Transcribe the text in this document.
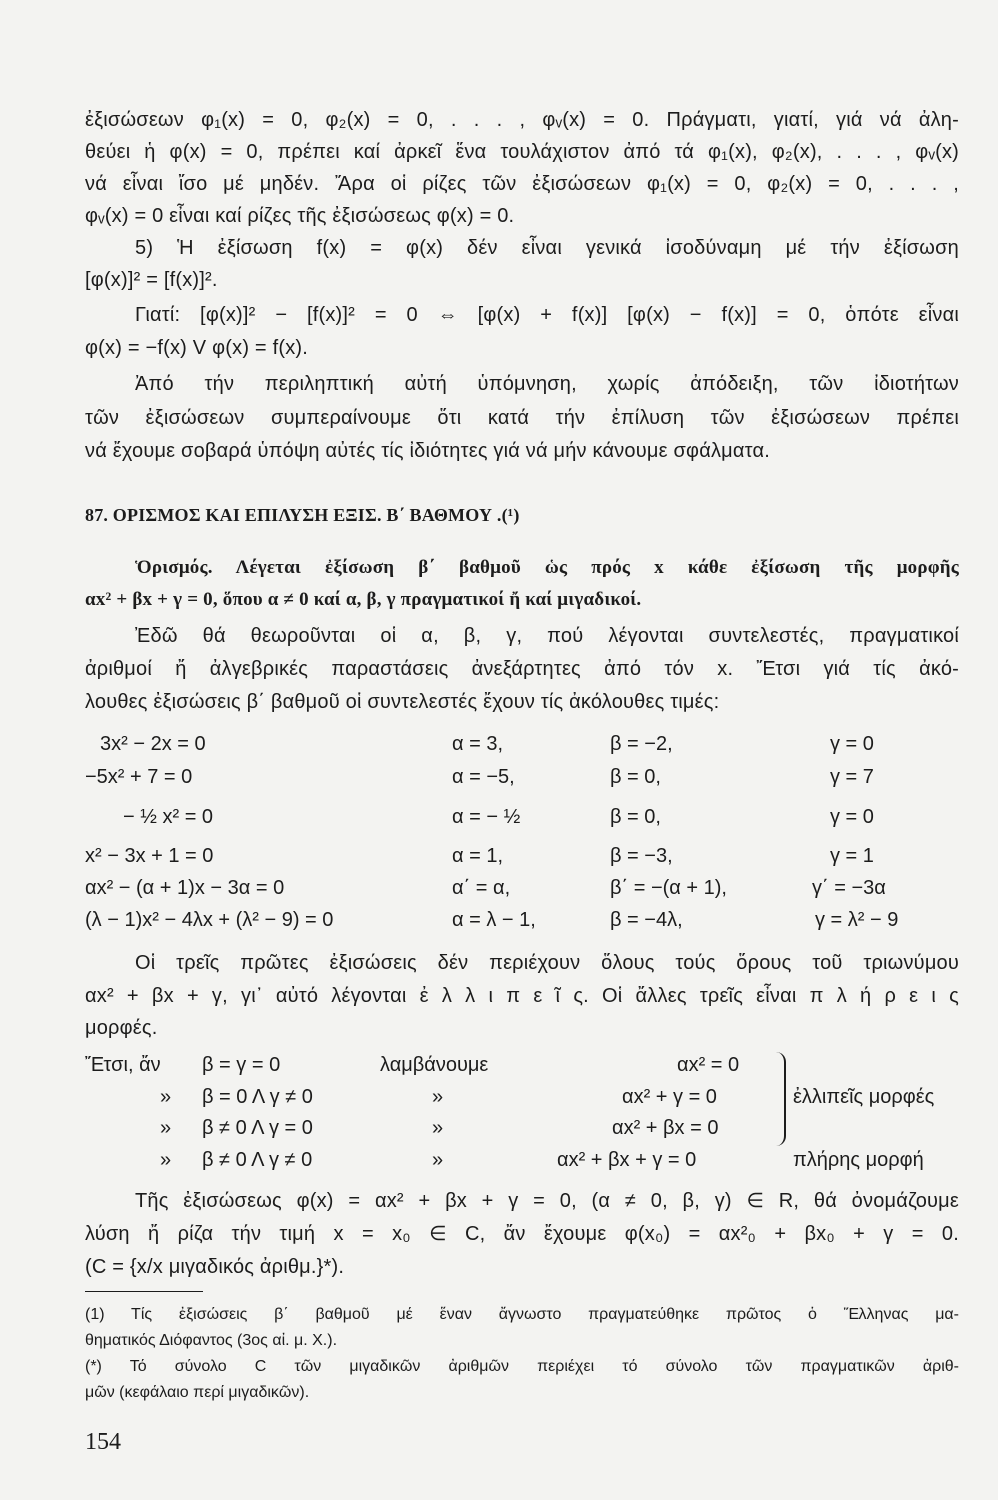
ἐξισώσεων φ₁(x) = 0, φ₂(x) = 0, . . . , φᵥ(x) = 0. Πράγματι, γιατί, γιά νά ἀλη-
θεύει ἡ φ(x) = 0, πρέπει καί ἀρκεῖ ἕνα τουλάχιστον ἀπό τά φ₁(x), φ₂(x), . . . , φᵥ(x)
νά εἶναι ἴσο μέ μηδέν. Ἄρα οἱ ρίζες τῶν ἐξισώσεων φ₁(x) = 0, φ₂(x) = 0, . . . ,
φᵥ(x) = 0 εἶναι καί ρίζες τῆς ἐξισώσεως φ(x) = 0.
5) Ἡ ἐξίσωση f(x) = φ(x) δέν εἶναι γενικά ἰσοδύναμη μέ τήν ἐξίσωση
[φ(x)]² = [f(x)]².
Γιατί: [φ(x)]² − [f(x)]² = 0 ⇔ [φ(x) + f(x)] [φ(x) − f(x)] = 0, ὁπότε εἶναι
φ(x) = −f(x) V φ(x) = f(x).
Ἀπό τήν περιληπτική αὐτή ὑπόμνηση, χωρίς ἀπόδειξη, τῶν ἰδιοτήτων
τῶν ἐξισώσεων συμπεραίνουμε ὅτι κατά τήν ἐπίλυση τῶν ἐξισώσεων πρέπει
νά ἔχουμε σοβαρά ὑπόψη αὐτές τίς ἰδιότητες γιά νά μήν κάνουμε σφάλματα.
87. ΟΡΙΣΜΟΣ ΚΑΙ ΕΠΙΛΥΣΗ ΕΞΙΣ. Β΄ ΒΑΘΜΟΥ .(¹)
Ὁρισμός. Λέγεται ἐξίσωση β΄ βαθμοῦ ὡς πρός x κάθε ἐξίσωση τῆς μορφῆς
αx² + βx + γ = 0, ὅπου α ≠ 0 καί α, β, γ πραγματικοί ἤ καί μιγαδικοί.
Ἐδῶ θά θεωροῦνται οἱ α, β, γ, πού λέγονται συντελεστές, πραγματικοί
ἀριθμοί ἤ ἀλγεβρικές παραστάσεις ἀνεξάρτητες ἀπό τόν x. Ἔτσι γιά τίς ἀκό-
λουθες ἐξισώσεις β΄ βαθμοῦ οἱ συντελεστές ἔχουν τίς ἀκόλουθες τιμές:
3x² − 2x = 0	α = 3,	β = −2,	γ = 0
−5x² + 7 = 0	α = −5,	β = 0,	γ = 7
− ½ x² = 0	α = − ½	β = 0,	γ = 0
x² − 3x + 1 = 0	α = 1,	β = −3,	γ = 1
αx² − (α + 1)x − 3α = 0	α΄ = α,	β΄ = −(α + 1),	γ΄ = −3α
(λ − 1)x² − 4λx + (λ² − 9) = 0	α = λ − 1,	β = −4λ,	γ = λ² − 9
Οἱ τρεῖς πρῶτες ἐξισώσεις δέν περιέχουν ὅλους τούς ὅρους τοῦ τριωνύμου
αx² + βx + γ, γι᾽ αὐτό λέγονται ἐ λ λ ι π ε ῖ ς. Οἱ ἄλλες τρεῖς εἶναι π λ ή ρ ε ι ς
μορφές.
Ἔτσι, ἄν β = γ = 0	λαμβάνουμε	αx² = 0
» β = 0 Λ γ ≠ 0	»	αx² + γ = 0
» β ≠ 0 Λ γ = 0	»	αx² + βx = 0
» β ≠ 0 Λ γ ≠ 0	»	αx² + βx + γ = 0	πλήρης μορφή
ἐλλιπεῖς μορφές
Τῆς ἐξισώσεως φ(x) = αx² + βx + γ = 0, (α ≠ 0, β, γ) ∈ R, θά ὀνομάζουμε
λύση ἤ ρίζα τήν τιμή x = x₀ ∈ C, ἄν ἔχουμε φ(x₀) = αx²₀ + βx₀ + γ = 0.
(C = {x/x μιγαδικός ἀριθμ.}*).
(1) Τίς ἐξισώσεις β΄ βαθμοῦ μέ ἕναν ἄγνωστο πραγματεύθηκε πρῶτος ὁ Ἕλληνας μα-
θηματικός Διόφαντος (3ος αἰ. μ. Χ.).
(*) Τό σύνολο C τῶν μιγαδικῶν ἀριθμῶν περιέχει τό σύνολο τῶν πραγματικῶν ἀριθ-
μῶν (κεφάλαιο περί μιγαδικῶν).
154
